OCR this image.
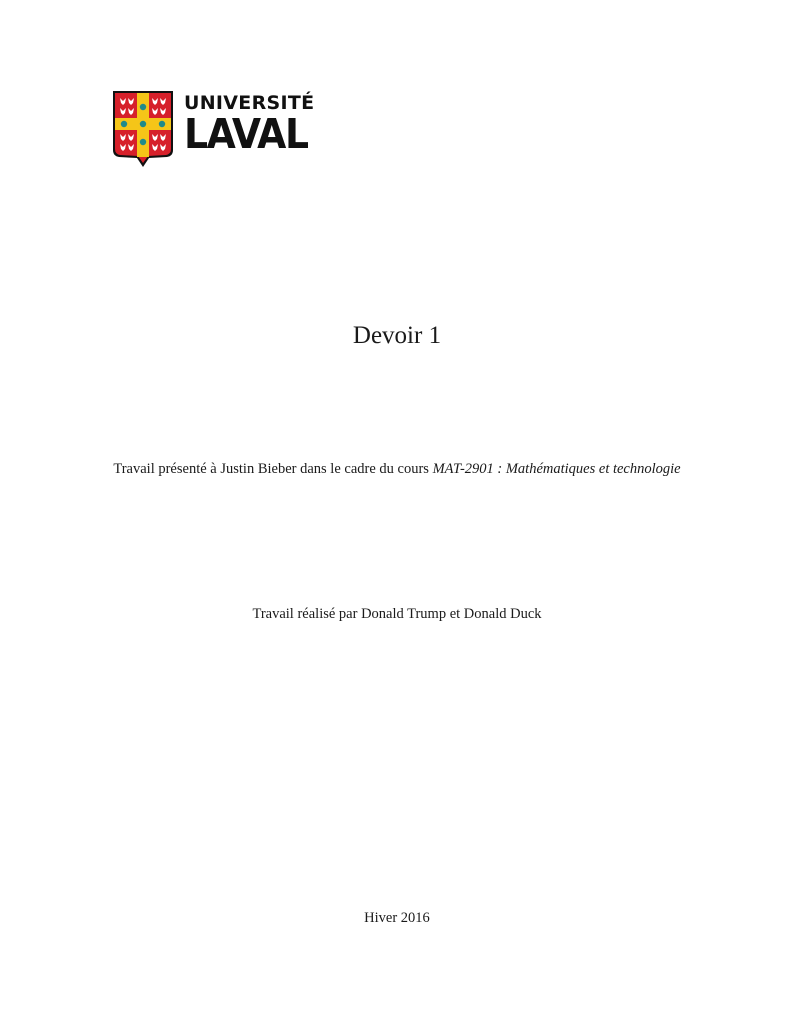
UNIVERSITÉ
LAVAL
Devoir 1
Travail présenté à Justin Bieber dans le cadre du cours MAT-2901 : Mathématiques et technologie
Travail réalisé par Donald Trump et Donald Duck
Hiver 2016
